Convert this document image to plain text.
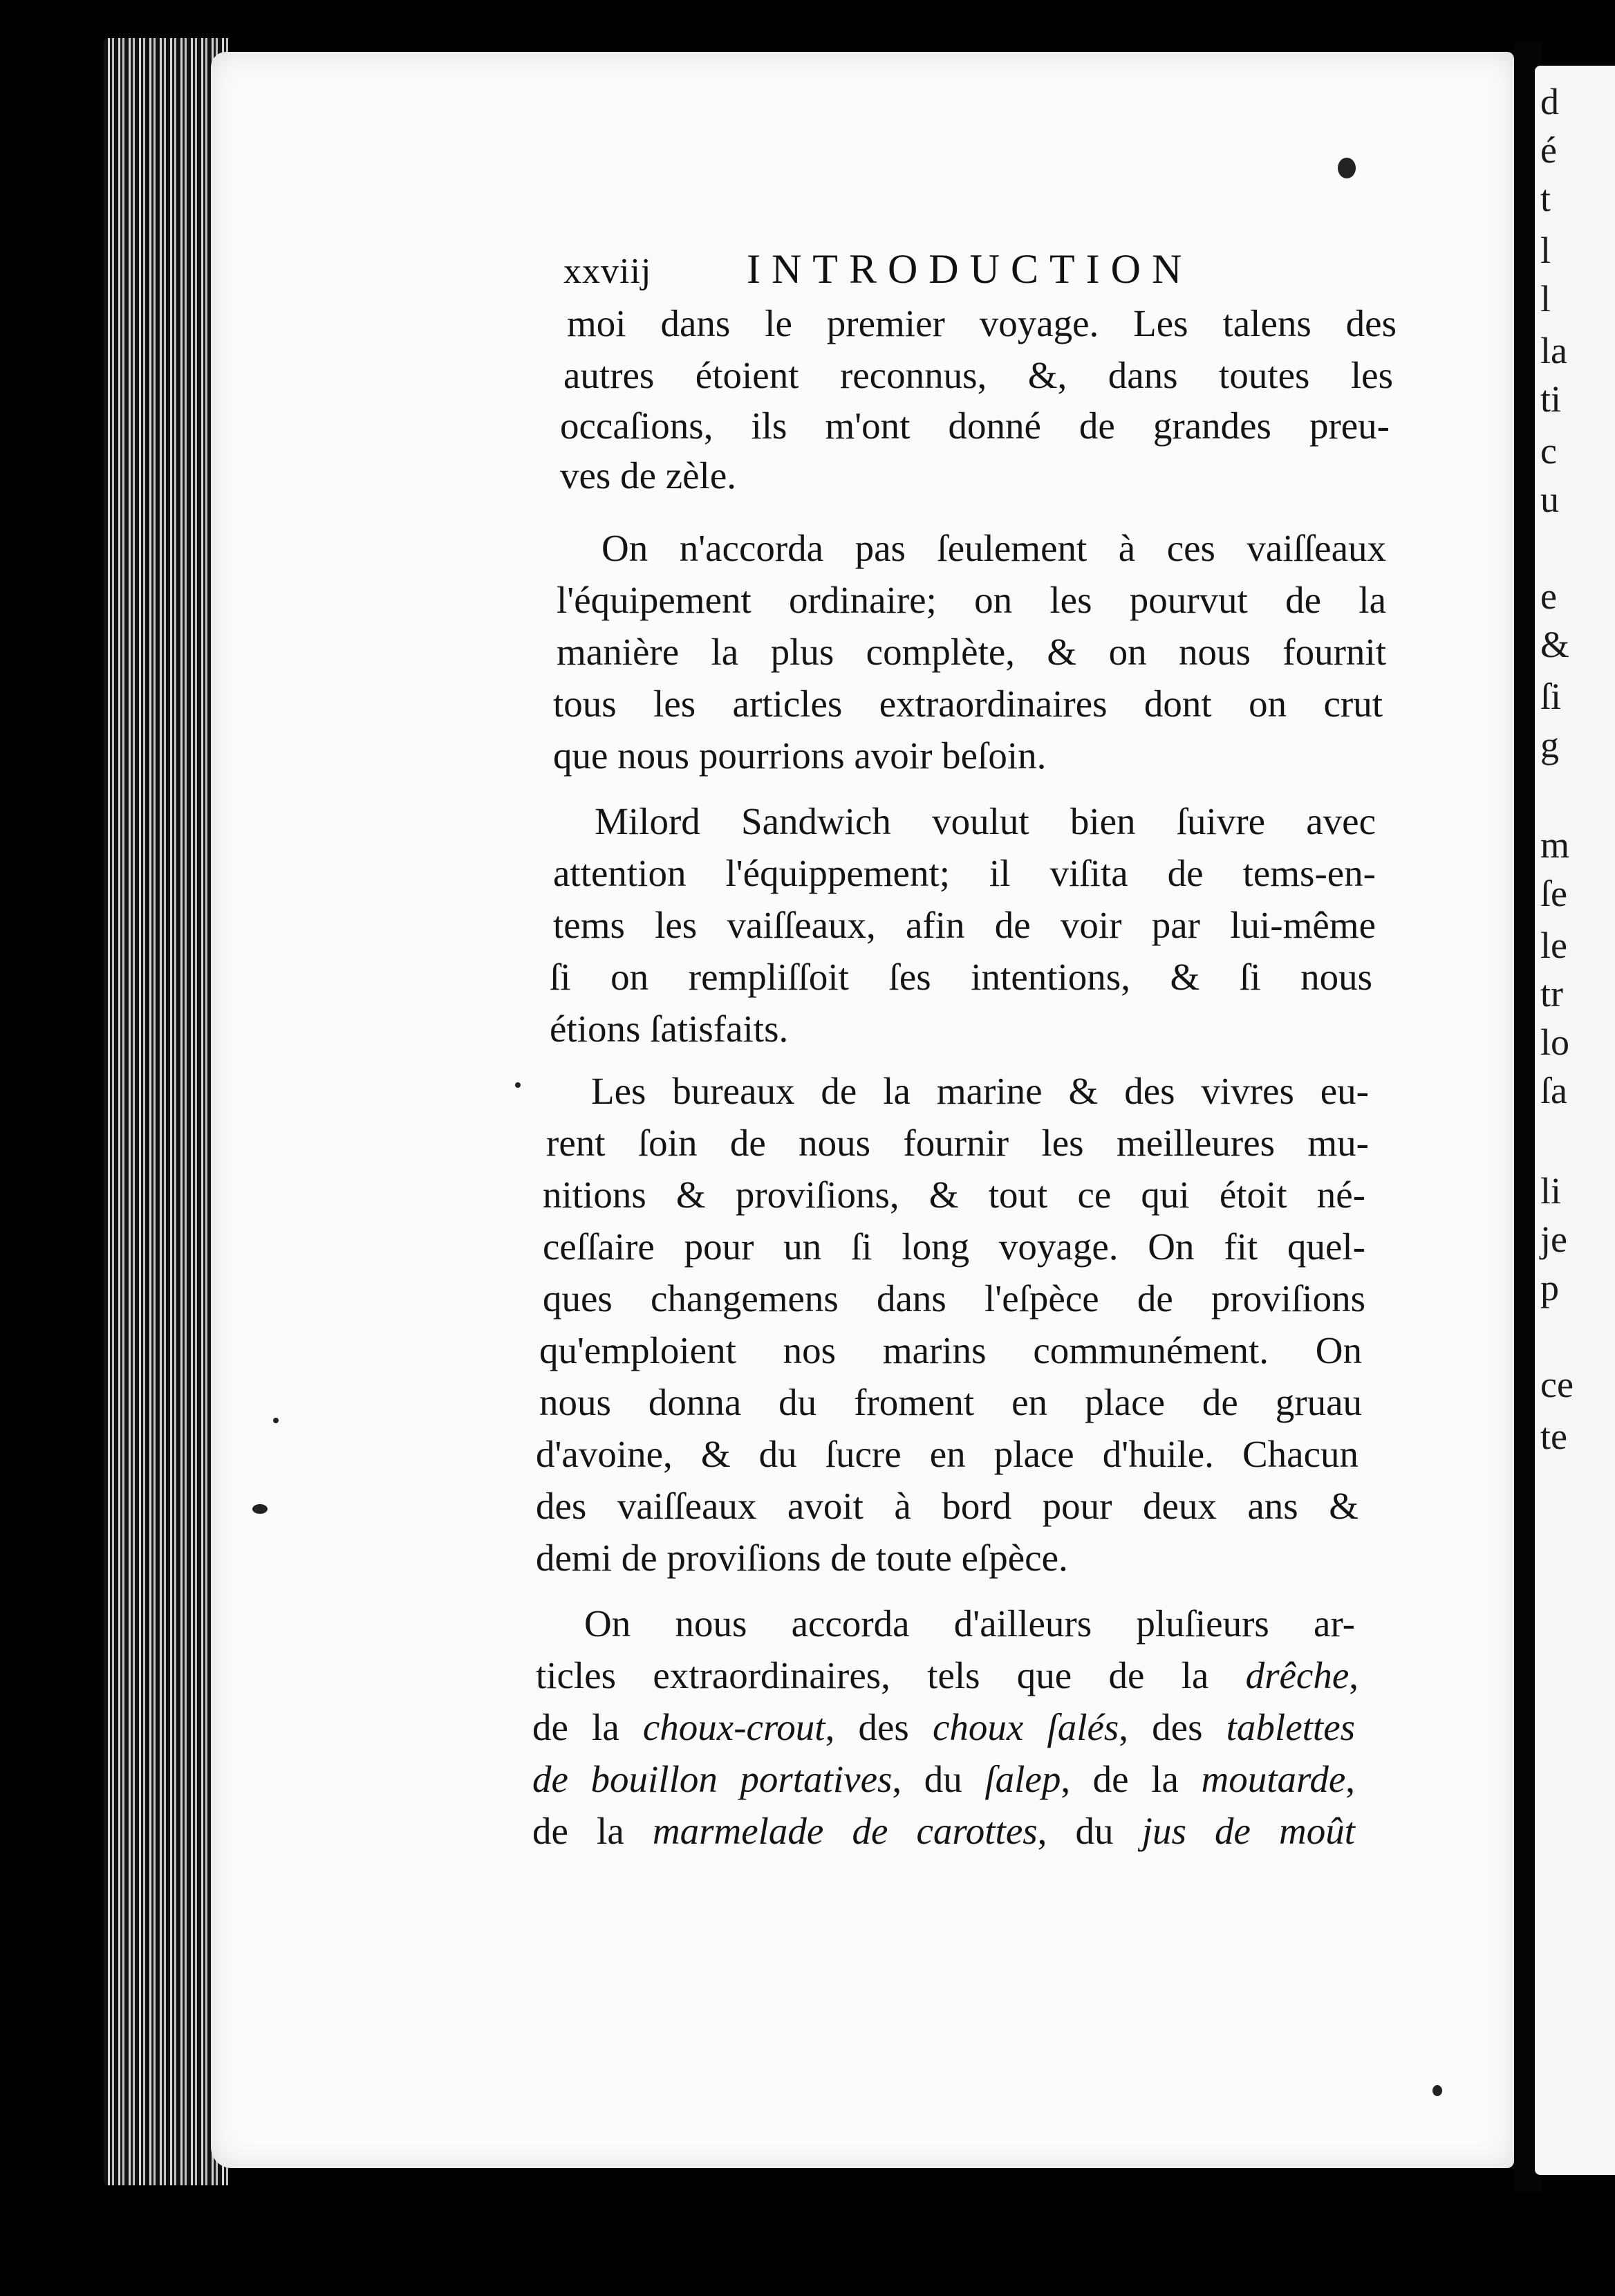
d
é
t
l
l
la
ti
c
u
e
&
ſi
g
m
ſe
le
tr
lo
ſa
li
je
p
ce
te
xxviij INTRODUCTION
moi dans le premier voyage. Les talens des
autres étoient reconnus, &, dans toutes les
occaſions, ils m'ont donné de grandes preu-
ves de zèle.
On n'accorda pas ſeulement à ces vaiſſeaux
l'équipement ordinaire; on les pourvut de la
manière la plus complète, & on nous fournit
tous les articles extraordinaires dont on crut
que nous pourrions avoir beſoin.
Milord Sandwich voulut bien ſuivre avec
attention l'équippement; il viſita de tems-en-
tems les vaiſſeaux, afin de voir par lui-même
ſi on rempliſſoit ſes intentions, & ſi nous
étions ſatisfaits.
Les bureaux de la marine & des vivres eu-
rent ſoin de nous fournir les meilleures mu-
nitions & proviſions, & tout ce qui étoit né-
ceſſaire pour un ſi long voyage. On fit quel-
ques changemens dans l'eſpèce de proviſions
qu'emploient nos marins communément. On
nous donna du froment en place de gruau
d'avoine, & du ſucre en place d'huile. Chacun
des vaiſſeaux avoit à bord pour deux ans &
demi de proviſions de toute eſpèce.
On nous accorda d'ailleurs pluſieurs ar-
ticles extraordinaires, tels que de la drêche,
de la choux-crout, des choux ſalés, des tablettes
de bouillon portatives, du ſalep, de la moutarde,
de la marmelade de carottes, du jus de moût
